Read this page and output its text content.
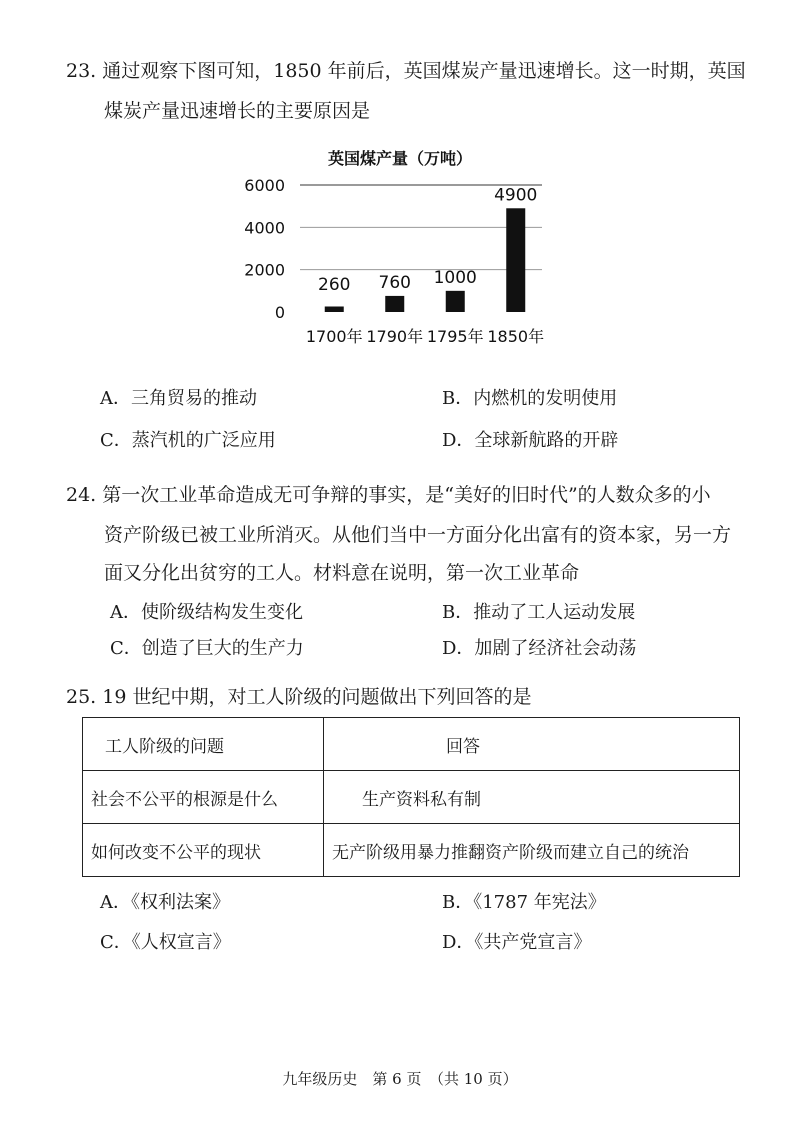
23. 通过观察下图可知，1850 年前后，英国煤炭产量迅速增长。这一时期，英国
煤炭产量迅速增长的主要原因是
英国煤产量（万吨）
0
2000
4000
6000
260 760 1000
4900
1700年 1790年 1795年 1850年
A．三角贸易的推动	B．内燃机的发明使用
C．蒸汽机的广泛应用	D．全球新航路的开辟
24. 第一次工业革命造成无可争辩的事实，是“美好的旧时代”的人数众多的小
资产阶级已被工业所消灭。从他们当中一方面分化出富有的资本家，另一方
面又分化出贫穷的工人。材料意在说明，第一次工业革命
A．使阶级结构发生变化	B．推动了工人运动发展
C．创造了巨大的生产力	D．加剧了经济社会动荡
25. 19 世纪中期，对工人阶级的问题做出下列回答的是
工人阶级的问题	回答
社会不公平的根源是什么	生产资料私有制
如何改变不公平的现状	无产阶级用暴力推翻资产阶级而建立自己的统治
A．《权利法案》	B．《1787 年宪法》
C．《人权宣言》	D．《共产党宣言》
九年级历史　第 6 页　（共 10 页）
